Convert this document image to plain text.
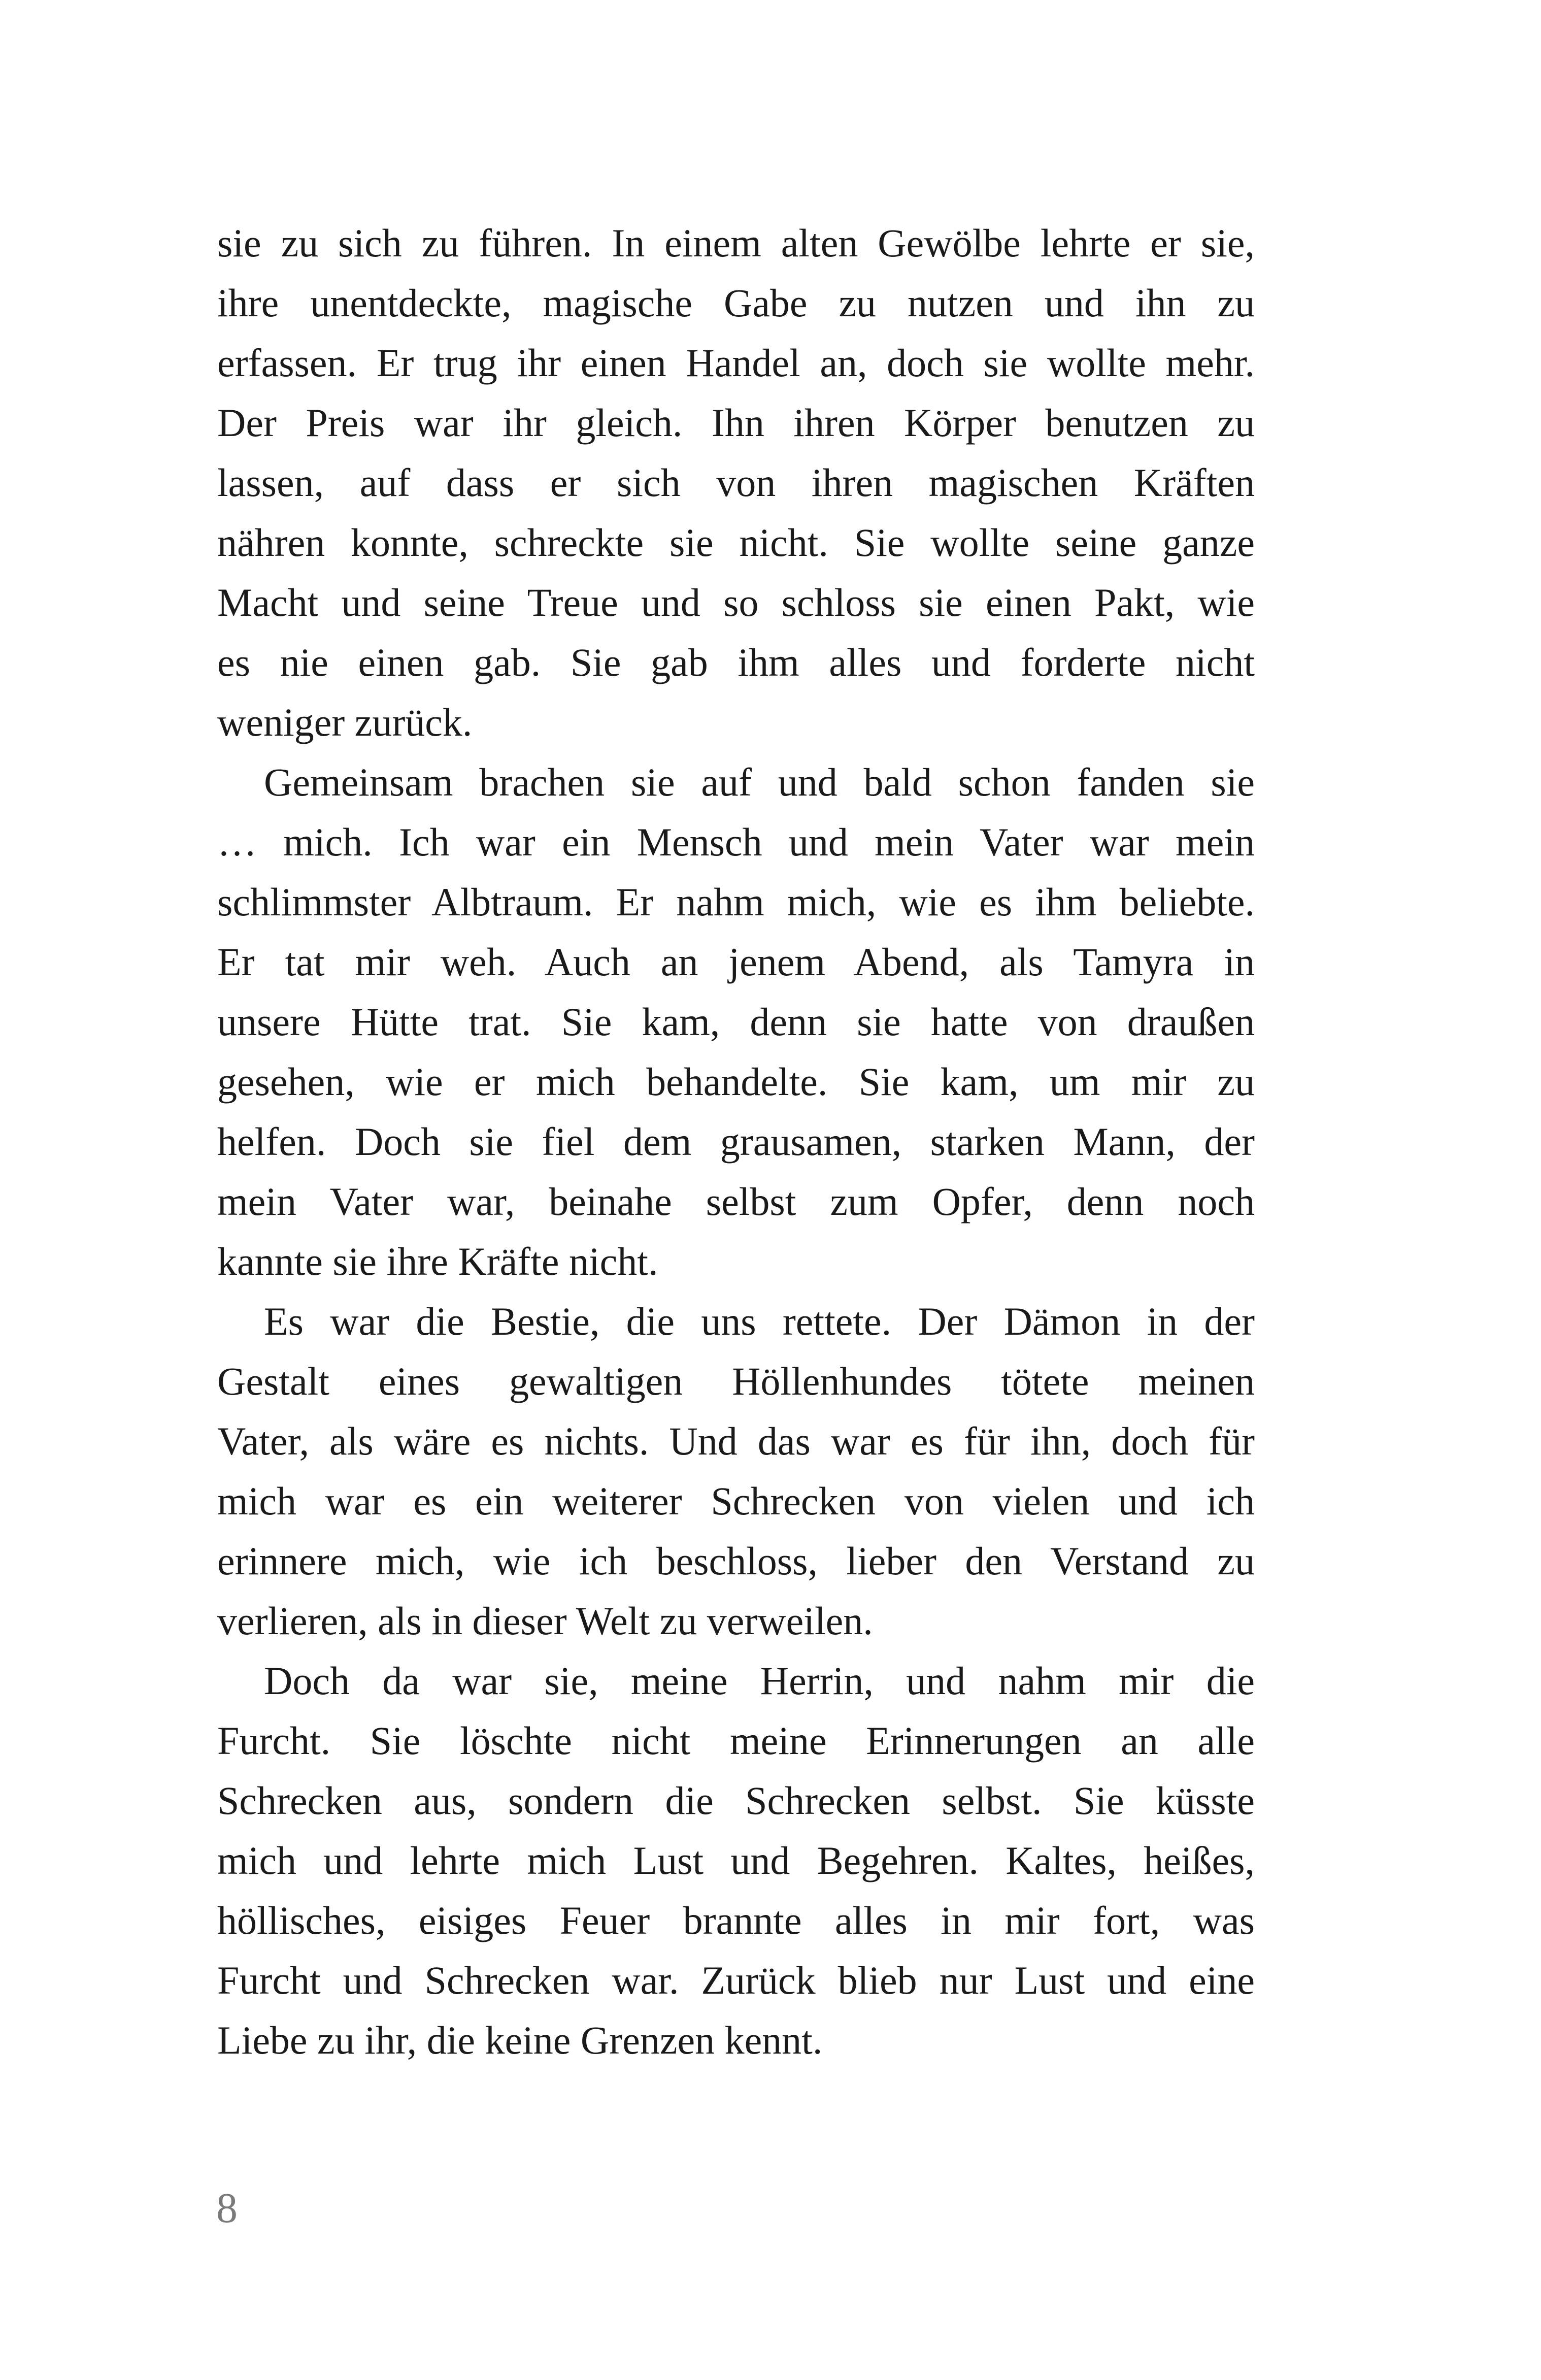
sie zu sich zu führen. In einem alten Gewölbe lehrte er sie,
ihre unentdeckte, magische Gabe zu nutzen und ihn zu
erfassen. Er trug ihr einen Handel an, doch sie wollte mehr.
Der Preis war ihr gleich. Ihn ihren Körper benutzen zu
lassen, auf dass er sich von ihren magischen Kräften
nähren konnte, schreckte sie nicht. Sie wollte seine ganze
Macht und seine Treue und so schloss sie einen Pakt, wie
es nie einen gab. Sie gab ihm alles und forderte nicht
weniger zurück.
Gemeinsam brachen sie auf und bald schon fanden sie
… mich. Ich war ein Mensch und mein Vater war mein
schlimmster Albtraum. Er nahm mich, wie es ihm beliebte.
Er tat mir weh. Auch an jenem Abend, als Tamyra in
unsere Hütte trat. Sie kam, denn sie hatte von draußen
gesehen, wie er mich behandelte. Sie kam, um mir zu
helfen. Doch sie fiel dem grausamen, starken Mann, der
mein Vater war, beinahe selbst zum Opfer, denn noch
kannte sie ihre Kräfte nicht.
Es war die Bestie, die uns rettete. Der Dämon in der
Gestalt eines gewaltigen Höllenhundes tötete meinen
Vater, als wäre es nichts. Und das war es für ihn, doch für
mich war es ein weiterer Schrecken von vielen und ich
erinnere mich, wie ich beschloss, lieber den Verstand zu
verlieren, als in dieser Welt zu verweilen.
Doch da war sie, meine Herrin, und nahm mir die
Furcht. Sie löschte nicht meine Erinnerungen an alle
Schrecken aus, sondern die Schrecken selbst. Sie küsste
mich und lehrte mich Lust und Begehren. Kaltes, heißes,
höllisches, eisiges Feuer brannte alles in mir fort, was
Furcht und Schrecken war. Zurück blieb nur Lust und eine
Liebe zu ihr, die keine Grenzen kennt.
8
